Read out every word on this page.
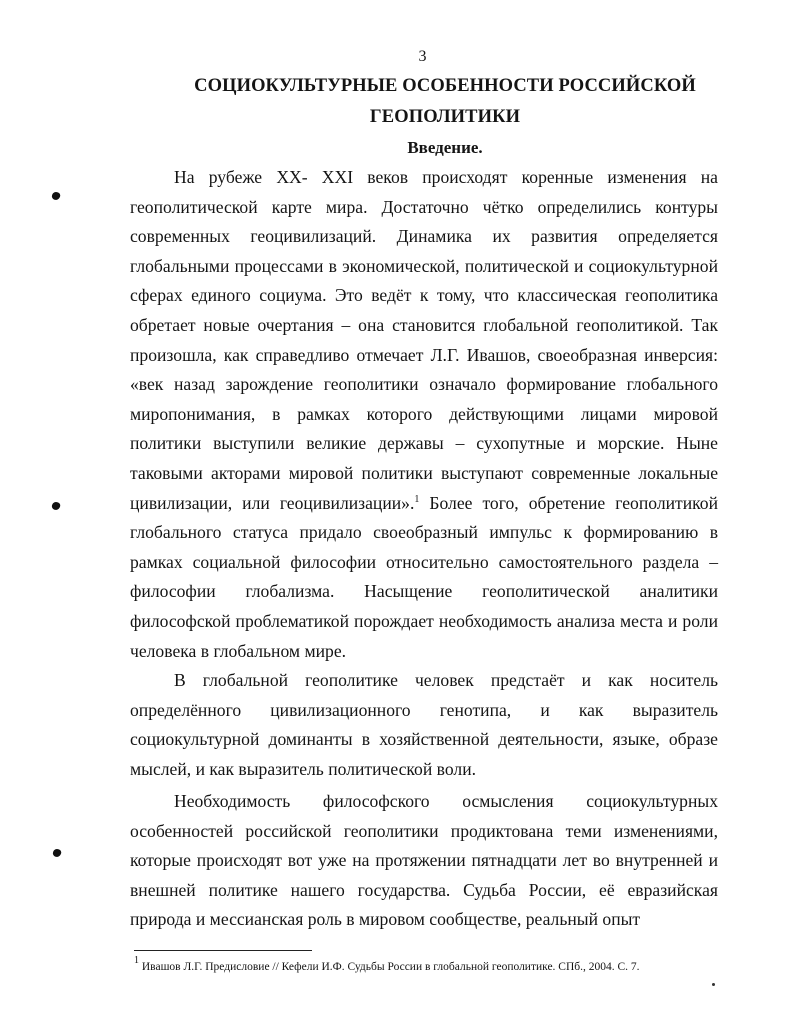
3
СОЦИОКУЛЬТУРНЫЕ ОСОБЕННОСТИ РОССИЙСКОЙ
ГЕОПОЛИТИКИ
Введение.

На рубеже XX- XXI веков происходят коренные изменения на геополитической карте мира. Достаточно чётко определились контуры современных геоцивилизаций. Динамика их развития определяется глобальными процессами в экономической, политической и социокультурной сферах единого социума. Это ведёт к тому, что классическая геополитика обретает новые очертания – она становится глобальной геополитикой. Так произошла, как справедливо отмечает Л.Г. Ивашов, своеобразная инверсия: «век назад зарождение геополитики означало формирование глобального миропонимания, в рамках которого действующими лицами мировой политики выступили великие державы – сухопутные и морские. Ныне таковыми акторами мировой политики выступают современные локальные цивилизации, или геоцивилизации».$^1$ Более того, обретение геополитикой глобального статуса придало своеобразный импульс к формированию в рамках социальной философии относительно самостоятельного раздела – философии глобализма. Насыщение геополитической аналитики философской проблематикой порождает необходимость анализа места и роли человека в глобальном мире.

В глобальной геополитике человек предстаёт и как носитель определённого цивилизационного генотипа, и как выразитель социокультурной доминанты в хозяйственной деятельности, языке, образе мыслей, и как выразитель политической воли.

Необходимость философского осмысления социокультурных особенностей российской геополитики продиктована теми изменениями, которые происходят вот уже на протяжении пятнадцати лет во внутренней и внешней политике нашего государства. Судьба России, её евразийская природа и мессианская роль в мировом сообществе, реальный опыт

$^1$ Ивашов Л.Г. Предисловие // Кефели И.Ф. Судьбы России в глобальной геополитике. СПб., 2004. С. 7.
